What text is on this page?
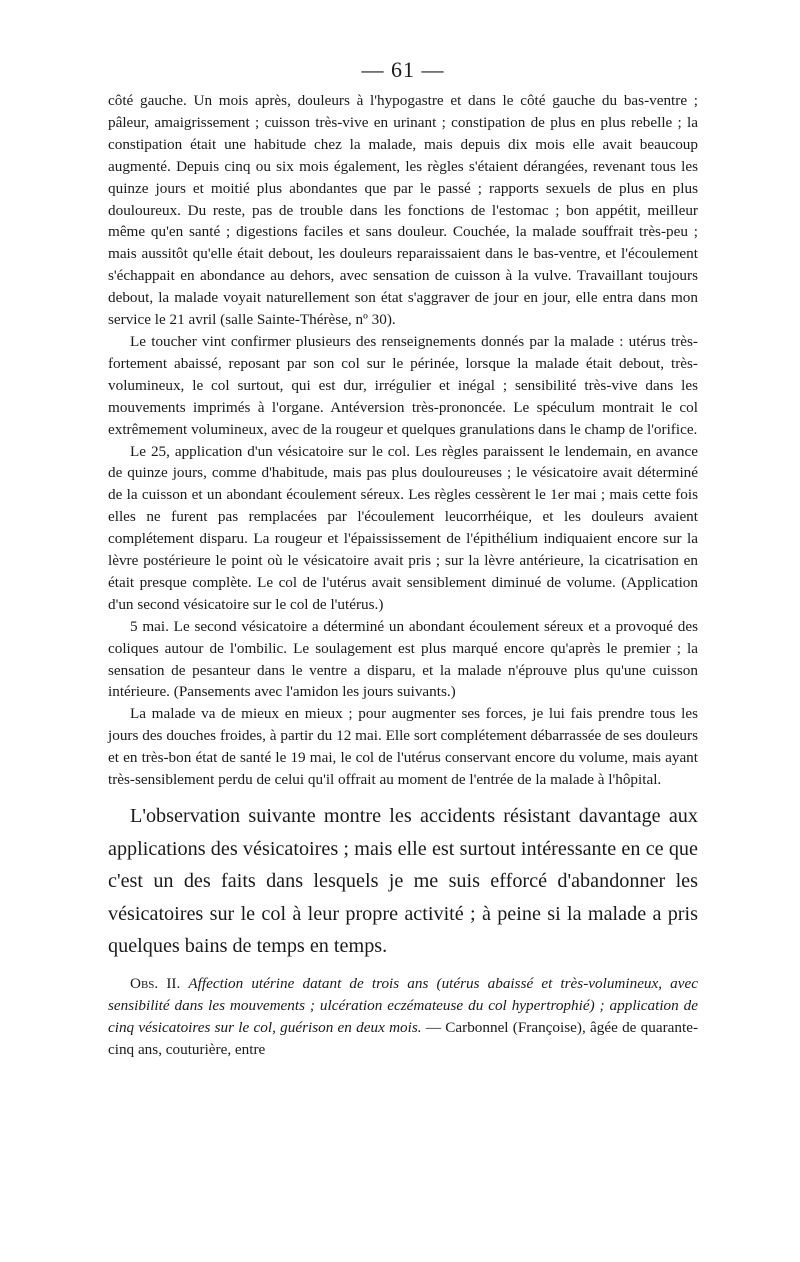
— 61 —

côté gauche. Un mois après, douleurs à l'hypogastre et dans le côté gauche du bas-ventre ; pâleur, amaigrissement ; cuisson très-vive en urinant ; constipation de plus en plus rebelle ; la constipation était une habitude chez la malade, mais depuis dix mois elle avait beaucoup augmenté. Depuis cinq ou six mois également, les règles s'étaient dérangées, revenant tous les quinze jours et moitié plus abondantes que par le passé ; rapports sexuels de plus en plus douloureux. Du reste, pas de trouble dans les fonctions de l'estomac ; bon appétit, meilleur même qu'en santé ; digestions faciles et sans douleur. Couchée, la malade souffrait très-peu ; mais aussitôt qu'elle était debout, les douleurs reparaissaient dans le bas-ventre, et l'écoulement s'échappait en abondance au dehors, avec sensation de cuisson à la vulve. Travaillant toujours debout, la malade voyait naturellement son état s'aggraver de jour en jour, elle entra dans mon service le 21 avril (salle Sainte-Thérèse, nº 30).

Le toucher vint confirmer plusieurs des renseignements donnés par la malade : utérus très-fortement abaissé, reposant par son col sur le périnée, lorsque la malade était debout, très-volumineux, le col surtout, qui est dur, irrégulier et inégal ; sensibilité très-vive dans les mouvements imprimés à l'organe. Antéversion très-prononcée. Le spéculum montrait le col extrêmement volumineux, avec de la rougeur et quelques granulations dans le champ de l'orifice.

Le 25, application d'un vésicatoire sur le col. Les règles paraissent le lendemain, en avance de quinze jours, comme d'habitude, mais pas plus douloureuses ; le vésicatoire avait déterminé de la cuisson et un abondant écoulement séreux. Les règles cessèrent le 1er mai ; mais cette fois elles ne furent pas remplacées par l'écoulement leucorrhéique, et les douleurs avaient complétement disparu. La rougeur et l'épaississement de l'épithélium indiquaient encore sur la lèvre postérieure le point où le vésicatoire avait pris ; sur la lèvre antérieure, la cicatrisation en était presque complète. Le col de l'utérus avait sensiblement diminué de volume. (Application d'un second vésicatoire sur le col de l'utérus.)

5 mai. Le second vésicatoire a déterminé un abondant écoulement séreux et a provoqué des coliques autour de l'ombilic. Le soulagement est plus marqué encore qu'après le premier ; la sensation de pesanteur dans le ventre a disparu, et la malade n'éprouve plus qu'une cuisson intérieure. (Pansements avec l'amidon les jours suivants.)

La malade va de mieux en mieux ; pour augmenter ses forces, je lui fais prendre tous les jours des douches froides, à partir du 12 mai. Elle sort complétement débarrassée de ses douleurs et en très-bon état de santé le 19 mai, le col de l'utérus conservant encore du volume, mais ayant très-sensiblement perdu de celui qu'il offrait au moment de l'entrée de la malade à l'hôpital.

L'observation suivante montre les accidents résistant davantage aux applications des vésicatoires ; mais elle est surtout intéressante en ce que c'est un des faits dans lesquels je me suis efforcé d'abandonner les vésicatoires sur le col à leur propre activité ; à peine si la malade a pris quelques bains de temps en temps.

Obs. II. Affection utérine datant de trois ans (utérus abaissé et très-volumineux, avec sensibilité dans les mouvements ; ulcération eczémateuse du col hypertrophié) ; application de cinq vésicatoires sur le col, guérison en deux mois. — Carbonnel (Françoise), âgée de quarante-cinq ans, couturière, entre
